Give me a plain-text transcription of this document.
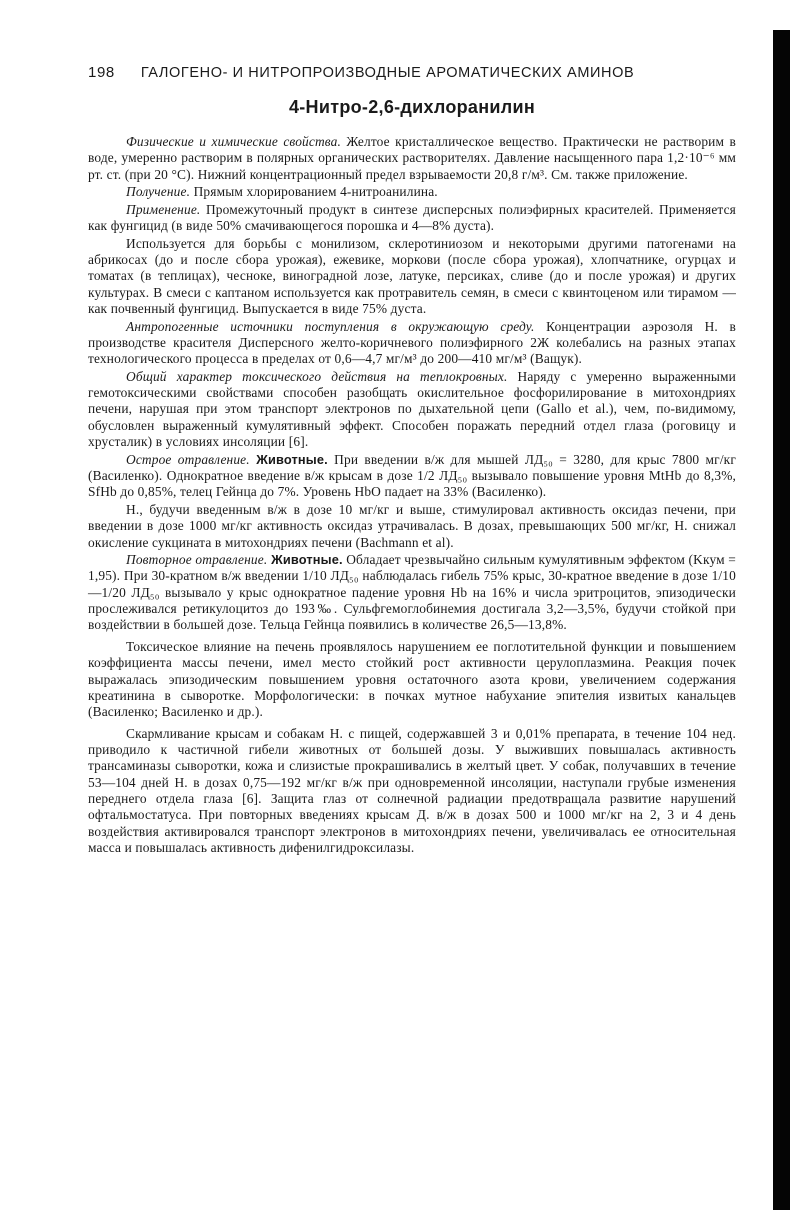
198 ГАЛОГЕНО- И НИТРОПРОИЗВОДНЫЕ АРОМАТИЧЕСКИХ АМИНОВ
4-Нитро-2,6-дихлоранилин

Физические и химические свойства. Желтое кристаллическое вещество. Практически не растворим в воде, умеренно растворим в полярных органических растворителях. Давление насыщенного пара 1,2·10⁻⁶ мм рт. ст. (при 20 °С). Нижний концентрационный предел взрываемости 20,8 г/м³. См. также приложение.

Получение. Прямым хлорированием 4-нитроанилина.

Применение. Промежуточный продукт в синтезе дисперсных полиэфирных красителей. Применяется как фунгицид (в виде 50% смачивающегося порошка и 4—8% дуста).

Используется для борьбы с монилизом, склеротиниозом и некоторыми другими патогенами на абрикосах (до и после сбора урожая), ежевике, моркови (после сбора урожая), хлопчатнике, огурцах и томатах (в теплицах), чесноке, виноградной лозе, латуке, персиках, сливе (до и после урожая) и других культурах. В смеси с каптаном используется как протравитель семян, в смеси с квинтоценом или тирамом — как почвенный фунгицид. Выпускается в виде 75% дуста.

Антропогенные источники поступления в окружающую среду. Концентрации аэрозоля Н. в производстве красителя Дисперсного желто-коричневого полиэфирного 2Ж колебались на разных этапах технологического процесса в пределах от 0,6—4,7 мг/м³ до 200—410 мг/м³ (Ващук).

Общий характер токсического действия на теплокровных. Наряду с умеренно выраженными гемотоксическими свойствами способен разобщать окислительное фосфорилирование в митохондриях печени, нарушая при этом транспорт электронов по дыхательной цепи (Gallo et al.), чем, по-видимому, обусловлен выраженный кумулятивный эффект. Способен поражать передний отдел глаза (роговицу и хрусталик) в условиях инсоляции [6].

Острое отравление. Животные. При введении в/ж для мышей ЛД₅₀ = 3280, для крыс 7800 мг/кг (Василенко). Однократное введение в/ж крысам в дозе 1/2 ЛД₅₀ вызывало повышение уровня MtHb до 8,3%, SfHb до 0,85%, телец Гейнца до 7%. Уровень HbO падает на 33% (Василенко).

Н., будучи введенным в/ж в дозе 10 мг/кг и выше, стимулировал активность оксидаз печени, при введении в дозе 1000 мг/кг активность оксидаз утрачивалась. В дозах, превышающих 500 мг/кг, Н. снижал окисление сукцината в митохондриях печени (Bachmann et al).

Повторное отравление. Животные. Обладает чрезвычайно сильным кумулятивным эффектом (Kкум = 1,95). При 30-кратном в/ж введении 1/10 ЛД₅₀ наблюдалась гибель 75% крыс, 30-кратное введение в дозе 1/10—1/20 ЛД₅₀ вызывало у крыс однократное падение уровня Hb на 16% и числа эритроцитов, эпизодически прослеживался ретикулоцитоз до 193‰. Сульфгемоглобинемия достигала 3,2—3,5%, будучи стойкой при воздействии в большей дозе. Тельца Гейнца появились в количестве 26,5—13,8%.

Токсическое влияние на печень проявлялось нарушением ее поглотительной функции и повышением коэффициента массы печени, имел место стойкий рост активности церулоплазмина. Реакция почек выражалась эпизодическим повышением уровня остаточного азота крови, увеличением содержания креатинина в сыворотке. Морфологически: в почках мутное набухание эпителия извитых канальцев (Василенко; Василенко и др.).

Скармливание крысам и собакам Н. с пищей, содержавшей 3 и 0,01% препарата, в течение 104 нед. приводило к частичной гибели животных от большей дозы. У выживших повышалась активность трансаминазы сыворотки, кожа и слизистые прокрашивались в желтый цвет. У собак, получавших в течение 53—104 дней Н. в дозах 0,75—192 мг/кг в/ж при одновременной инсоляции, наступали грубые изменения переднего отдела глаза [6]. Защита глаз от солнечной радиации предотвращала развитие нарушений офтальмостатуса. При повторных введениях крысам Д. в/ж в дозах 500 и 1000 мг/кг на 2, 3 и 4 день воздействия активировался транспорт электронов в митохондриях печени, увеличивалась ее относительная масса и повышалась активность дифенилгидроксилазы.
